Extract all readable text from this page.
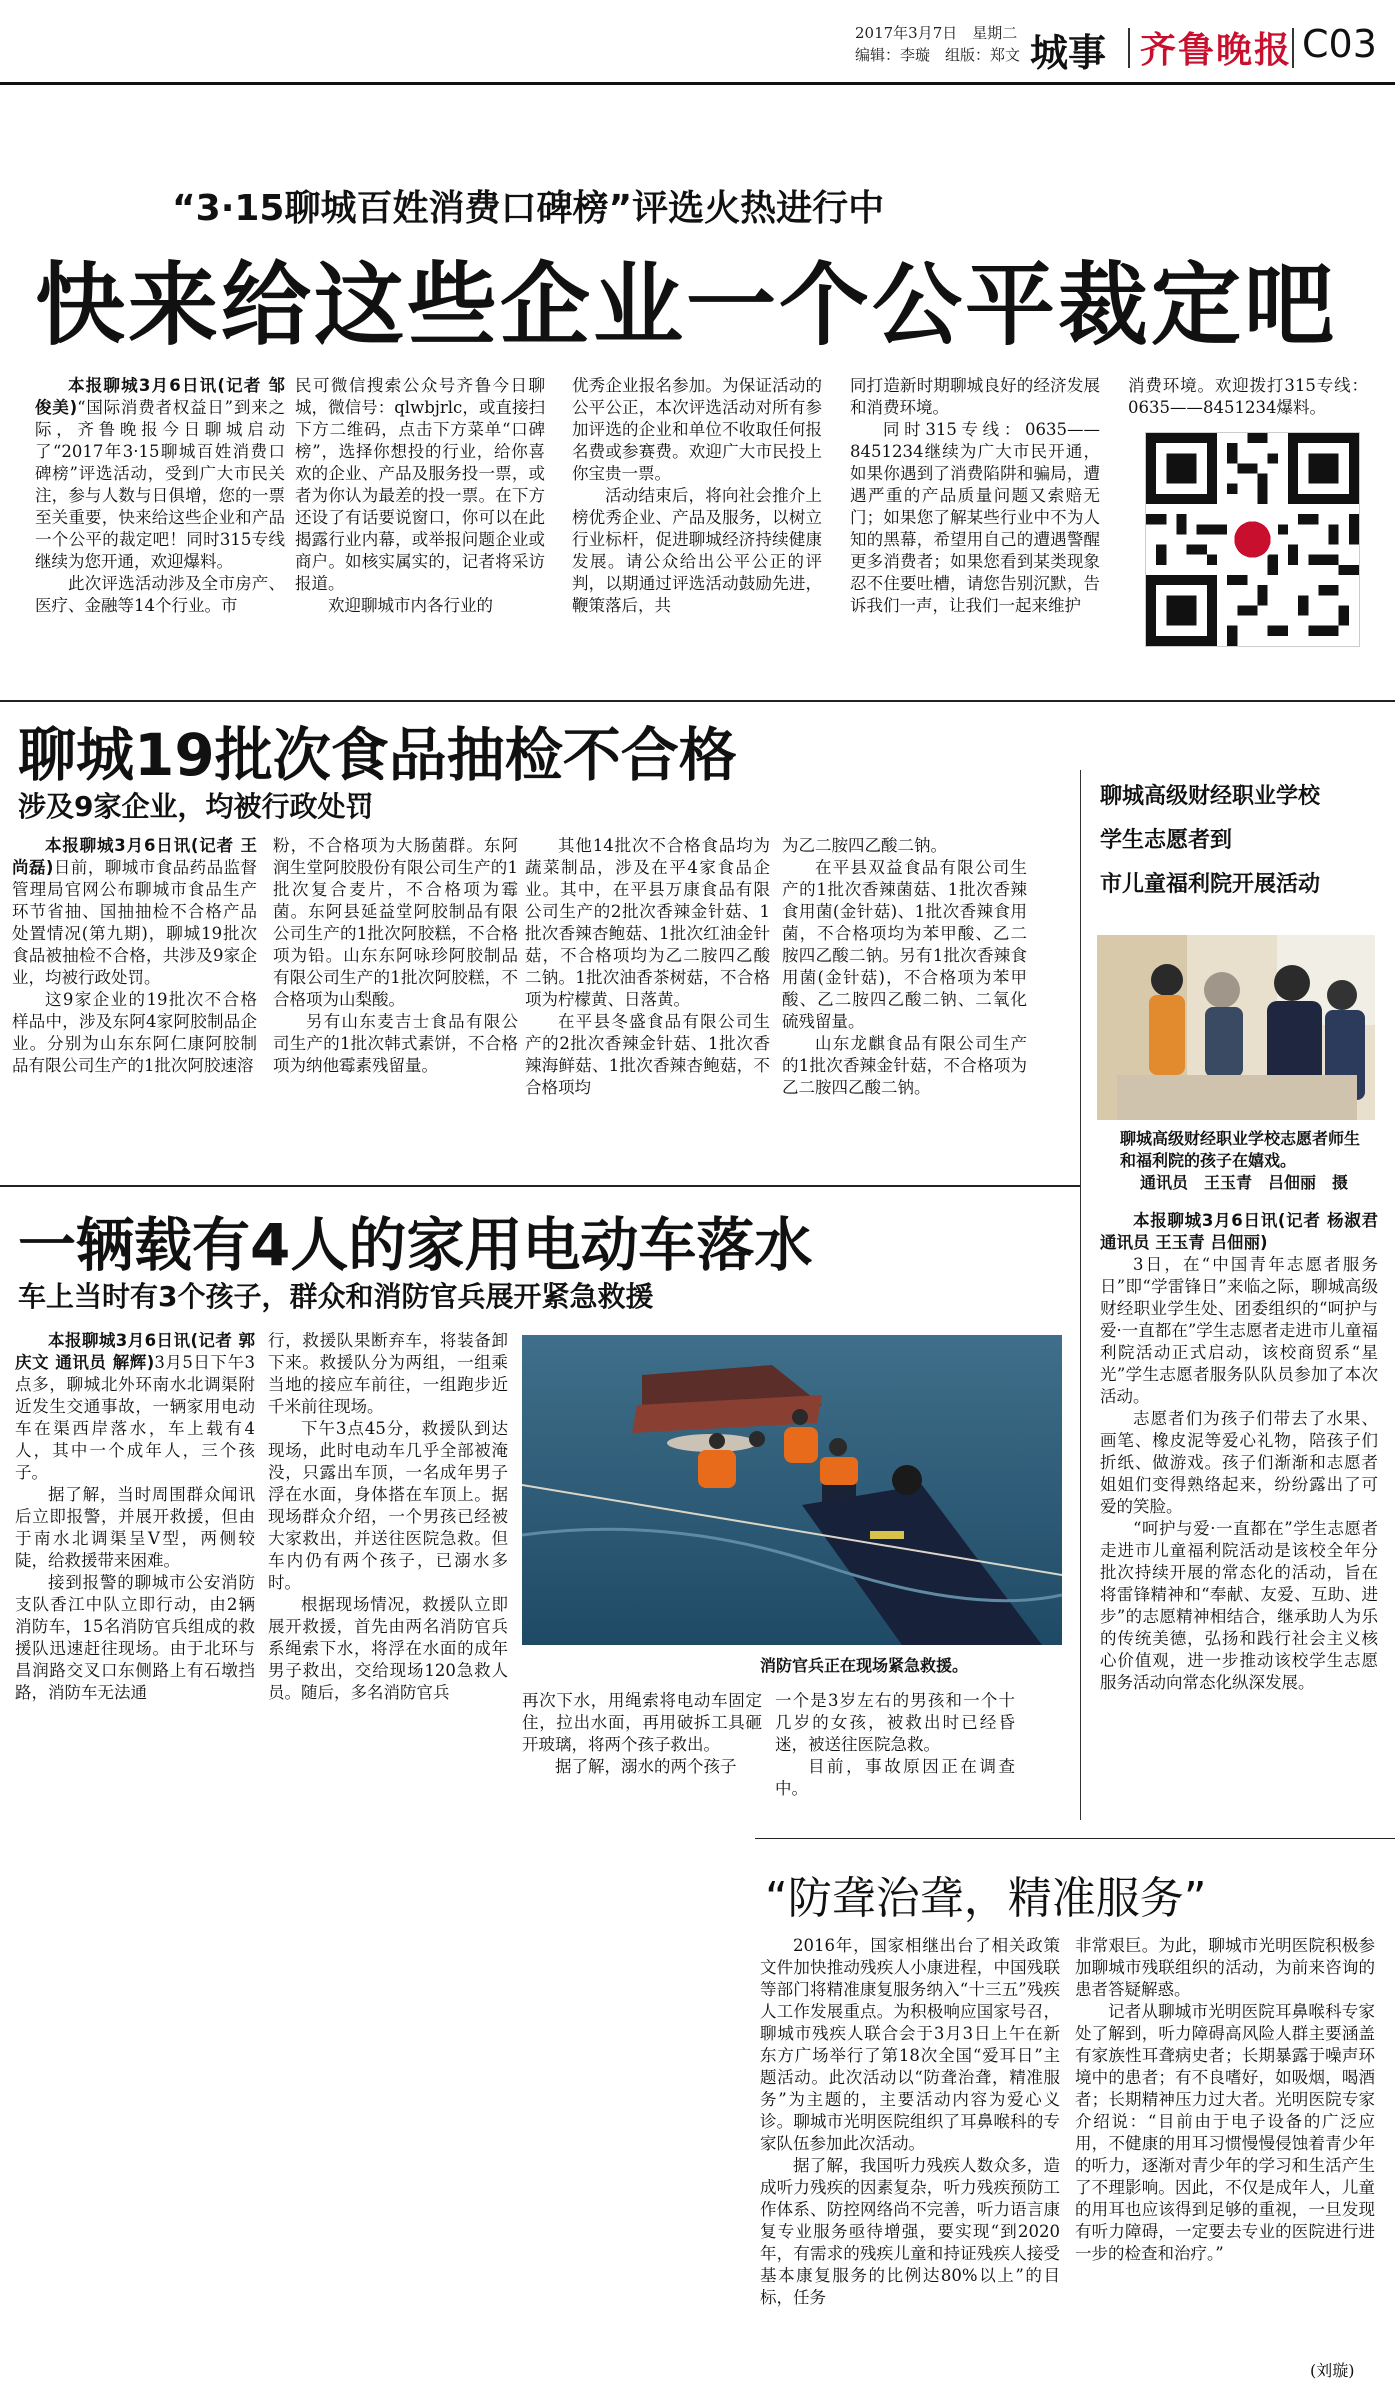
2017年3月7日　星期二
编辑：李璇　组版：郑文 城事 齐鲁晚报 C03
“3·15聊城百姓消费口碑榜”评选火热进行中
快来给这些企业一个公平裁定吧

本报聊城3月6日讯(记者 邹俊美)“国际消费者权益日”到来之际，齐鲁晚报今日聊城启动了“2017年3·15聊城百姓消费口碑榜”评选活动，受到广大市民关注，参与人数与日俱增，您的一票至关重要，快来给这些企业和产品一个公平的裁定吧！同时315专线继续为您开通，欢迎爆料。

此次评选活动涉及全市房产、医疗、金融等14个行业。市

民可微信搜索公众号齐鲁今日聊城，微信号：qlwbjrlc，或直接扫下方二维码，点击下方菜单“口碑榜”，选择你想投的行业，给你喜欢的企业、产品及服务投一票，或者为你认为最差的投一票。在下方还设了有话要说窗口，你可以在此揭露行业内幕，或举报问题企业或商户。如核实属实的，记者将采访报道。

欢迎聊城市内各行业的

优秀企业报名参加。为保证活动的公平公正，本次评选活动对所有参加评选的企业和单位不收取任何报名费或参赛费。欢迎广大市民投上你宝贵一票。

活动结束后，将向社会推介上榜优秀企业、产品及服务，以树立行业标杆，促进聊城经济持续健康发展。请公众给出公平公正的评判，以期通过评选活动鼓励先进，鞭策落后，共

同打造新时期聊城良好的经济发展和消费环境。

同时315专线：0635——8451234继续为广大市民开通，如果你遇到了消费陷阱和骗局，遭遇严重的产品质量问题又索赔无门；如果您了解某些行业中不为人知的黑幕，希望用自己的遭遇警醒更多消费者；如果您看到某类现象忍不住要吐槽，请您告别沉默，告诉我们一声，让我们一起来维护

消费环境。欢迎拨打315专线：0635——8451234爆料。

聊城19批次食品抽检不合格
涉及9家企业，均被行政处罚

本报聊城3月6日讯(记者 王尚磊)日前，聊城市食品药品监督管理局官网公布聊城市食品生产环节省抽、国抽抽检不合格产品处置情况(第九期)，聊城19批次食品被抽检不合格，共涉及9家企业，均被行政处罚。

这9家企业的19批次不合格样品中，涉及东阿4家阿胶制品企业。分别为山东东阿仁康阿胶制品有限公司生产的1批次阿胶速溶

粉，不合格项为大肠菌群。东阿润生堂阿胶股份有限公司生产的1批次复合麦片，不合格项为霉菌。东阿县延益堂阿胶制品有限公司生产的1批次阿胶糕，不合格项为铅。山东东阿咏珍阿胶制品有限公司生产的1批次阿胶糕，不合格项为山梨酸。

另有山东麦吉士食品有限公司生产的1批次韩式素饼，不合格项为纳他霉素残留量。

其他14批次不合格食品均为蔬菜制品，涉及在平4家食品企业。其中，在平县万康食品有限公司生产的2批次香辣金针菇、1批次香辣杏鲍菇、1批次红油金针菇，不合格项均为乙二胺四乙酸二钠。1批次油香茶树菇，不合格项为柠檬黄、日落黄。

在平县冬盛食品有限公司生产的2批次香辣金针菇、1批次香辣海鲜菇、1批次香辣杏鲍菇，不合格项均

为乙二胺四乙酸二钠。

在平县双益食品有限公司生产的1批次香辣菌菇、1批次香辣食用菌(金针菇)、1批次香辣食用菌，不合格项均为苯甲酸、乙二胺四乙酸二钠。另有1批次香辣食用菌(金针菇)，不合格项为苯甲酸、乙二胺四乙酸二钠、二氧化硫残留量。

山东龙麒食品有限公司生产的1批次香辣金针菇，不合格项为乙二胺四乙酸二钠。

聊城高级财经职业学校
学生志愿者到
市儿童福利院开展活动
聊城高级财经职业学校志愿者师生和福利院的孩子在嬉戏。
通讯员　王玉青　吕佃丽　摄

本报聊城3月6日讯(记者 杨淑君 通讯员 王玉青 吕佃丽)

3日，在“中国青年志愿者服务日”即“学雷锋日”来临之际，聊城高级财经职业学生处、团委组织的“呵护与爱·一直都在”学生志愿者走进市儿童福利院活动正式启动，该校商贸系“星光”学生志愿者服务队队员参加了本次活动。

志愿者们为孩子们带去了水果、画笔、橡皮泥等爱心礼物，陪孩子们折纸、做游戏。孩子们渐渐和志愿者姐姐们变得熟络起来，纷纷露出了可爱的笑脸。

“呵护与爱·一直都在”学生志愿者走进市儿童福利院活动是该校全年分批次持续开展的常态化的活动，旨在将雷锋精神和“奉献、友爱、互助、进步”的志愿精神相结合，继承助人为乐的传统美德，弘扬和践行社会主义核心价值观，进一步推动该校学生志愿服务活动向常态化纵深发展。

一辆载有4人的家用电动车落水
车上当时有3个孩子，群众和消防官兵展开紧急救援

本报聊城3月6日讯(记者 郭庆文 通讯员 解辉)3月5日下午3点多，聊城北外环南水北调渠附近发生交通事故，一辆家用电动车在渠西岸落水，车上载有4人，其中一个成年人，三个孩子。

据了解，当时周围群众闻讯后立即报警，并展开救援，但由于南水北调渠呈V型，两侧较陡，给救援带来困难。

接到报警的聊城市公安消防支队香江中队立即行动，由2辆消防车，15名消防官兵组成的救援队迅速赶往现场。由于北环与昌润路交叉口东侧路上有石墩挡路，消防车无法通

行，救援队果断弃车，将装备卸下来。救援队分为两组，一组乘当地的接应车前往，一组跑步近千米前往现场。

下午3点45分，救援队到达现场，此时电动车几乎全部被淹没，只露出车顶，一名成年男子浮在水面，身体搭在车顶上。据现场群众介绍，一个男孩已经被大家救出，并送往医院急救。但车内仍有两个孩子，已溺水多时。

根据现场情况，救援队立即展开救援，首先由两名消防官兵系绳索下水，将浮在水面的成年男子救出，交给现场120急救人员。随后，多名消防官兵

消防官兵正在现场紧急救援。

再次下水，用绳索将电动车固定住，拉出水面，再用破拆工具砸开玻璃，将两个孩子救出。

据了解，溺水的两个孩子

一个是3岁左右的男孩和一个十几岁的女孩，被救出时已经昏迷，被送往医院急救。

目前，事故原因正在调查中。

“防聋治聋，精准服务”

2016年，国家相继出台了相关政策文件加快推动残疾人小康进程，中国残联等部门将精准康复服务纳入“十三五”残疾人工作发展重点。为积极响应国家号召，聊城市残疾人联合会于3月3日上午在新东方广场举行了第18次全国“爱耳日”主题活动。此次活动以“防聋治聋，精准服务”为主题的，主要活动内容为爱心义诊。聊城市光明医院组织了耳鼻喉科的专家队伍参加此次活动。

据了解，我国听力残疾人数众多，造成听力残疾的因素复杂，听力残疾预防工作体系、防控网络尚不完善，听力语言康复专业服务亟待增强，要实现“到2020年，有需求的残疾儿童和持证残疾人接受基本康复服务的比例达80%以上”的目标，任务

非常艰巨。为此，聊城市光明医院积极参加聊城市残联组织的活动，为前来咨询的患者答疑解惑。

记者从聊城市光明医院耳鼻喉科专家处了解到，听力障碍高风险人群主要涵盖有家族性耳聋病史者；长期暴露于噪声环境中的患者；有不良嗜好，如吸烟，喝酒者；长期精神压力过大者。光明医院专家介绍说：“目前由于电子设备的广泛应用，不健康的用耳习惯慢慢侵蚀着青少年的听力，逐渐对青少年的学习和生活产生了不理影响。因此，不仅是成年人，儿童的用耳也应该得到足够的重视，一旦发现有听力障碍，一定要去专业的医院进行进一步的检查和治疗。”

(刘璇)
